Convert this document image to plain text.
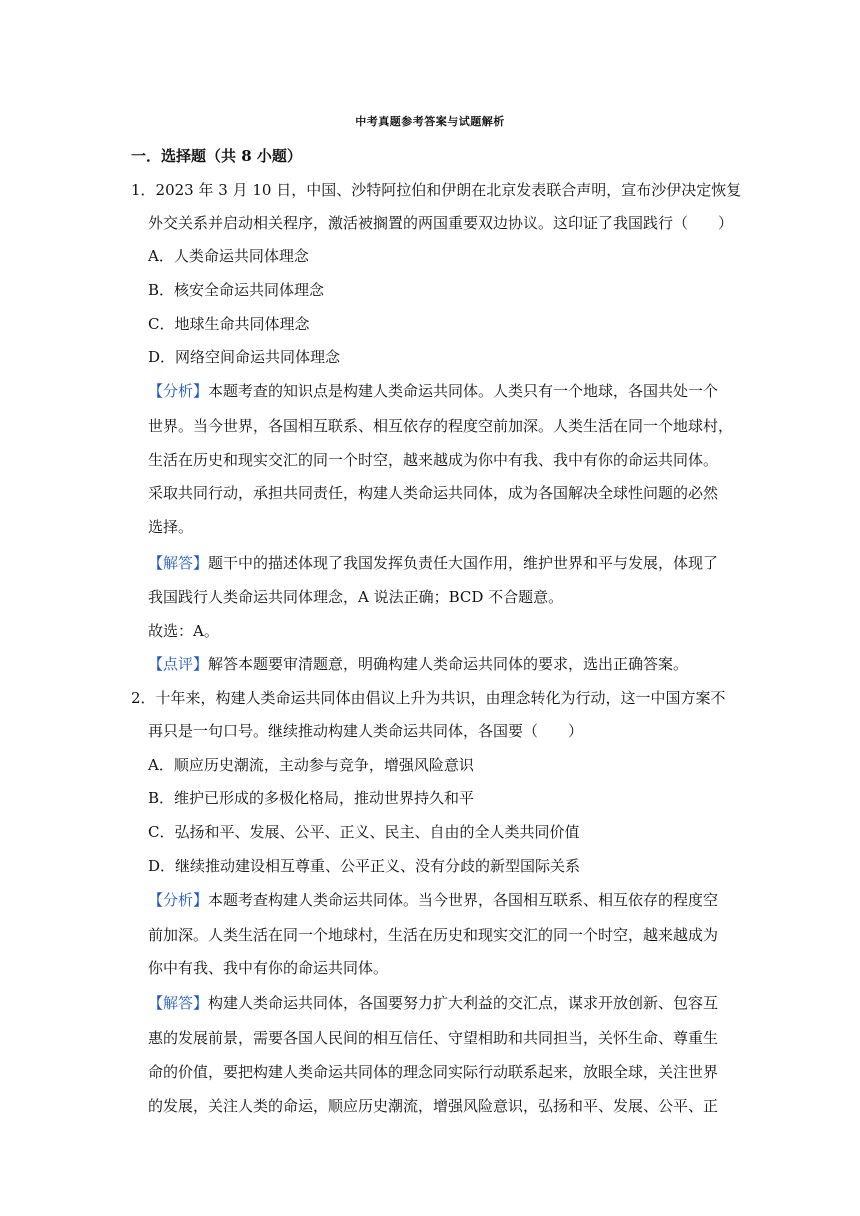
中考真题参考答案与试题解析
一．选择题（共 8 小题）
1．2023 年 3 月 10 日，中国、沙特阿拉伯和伊朗在北京发表联合声明，宣布沙伊决定恢复
外交关系并启动相关程序，激活被搁置的两国重要双边协议。这印证了我国践行（　　）
A．人类命运共同体理念
B．核安全命运共同体理念
C．地球生命共同体理念
D．网络空间命运共同体理念
【分析】本题考查的知识点是构建人类命运共同体。人类只有一个地球，各国共处一个
世界。当今世界，各国相互联系、相互依存的程度空前加深。人类生活在同一个地球村，
生活在历史和现实交汇的同一个时空，越来越成为你中有我、我中有你的命运共同体。
采取共同行动，承担共同责任，构建人类命运共同体，成为各国解决全球性问题的必然
选择。
【解答】题干中的描述体现了我国发挥负责任大国作用，维护世界和平与发展，体现了
我国践行人类命运共同体理念，A 说法正确；BCD 不合题意。
故选：A。
【点评】解答本题要审清题意，明确构建人类命运共同体的要求，选出正确答案。
2．十年来，构建人类命运共同体由倡议上升为共识，由理念转化为行动，这一中国方案不
再只是一句口号。继续推动构建人类命运共同体，各国要（　　）
A．顺应历史潮流，主动参与竞争，增强风险意识
B．维护已形成的多极化格局，推动世界持久和平
C．弘扬和平、发展、公平、正义、民主、自由的全人类共同价值
D．继续推动建设相互尊重、公平正义、没有分歧的新型国际关系
【分析】本题考查构建人类命运共同体。当今世界，各国相互联系、相互依存的程度空
前加深。人类生活在同一个地球村，生活在历史和现实交汇的同一个时空，越来越成为
你中有我、我中有你的命运共同体。
【解答】构建人类命运共同体，各国要努力扩大利益的交汇点，谋求开放创新、包容互
惠的发展前景，需要各国人民间的相互信任、守望相助和共同担当，关怀生命、尊重生
命的价值，要把构建人类命运共同体的理念同实际行动联系起来，放眼全球，关注世界
的发展，关注人类的命运，顺应历史潮流，增强风险意识，弘扬和平、发展、公平、正
